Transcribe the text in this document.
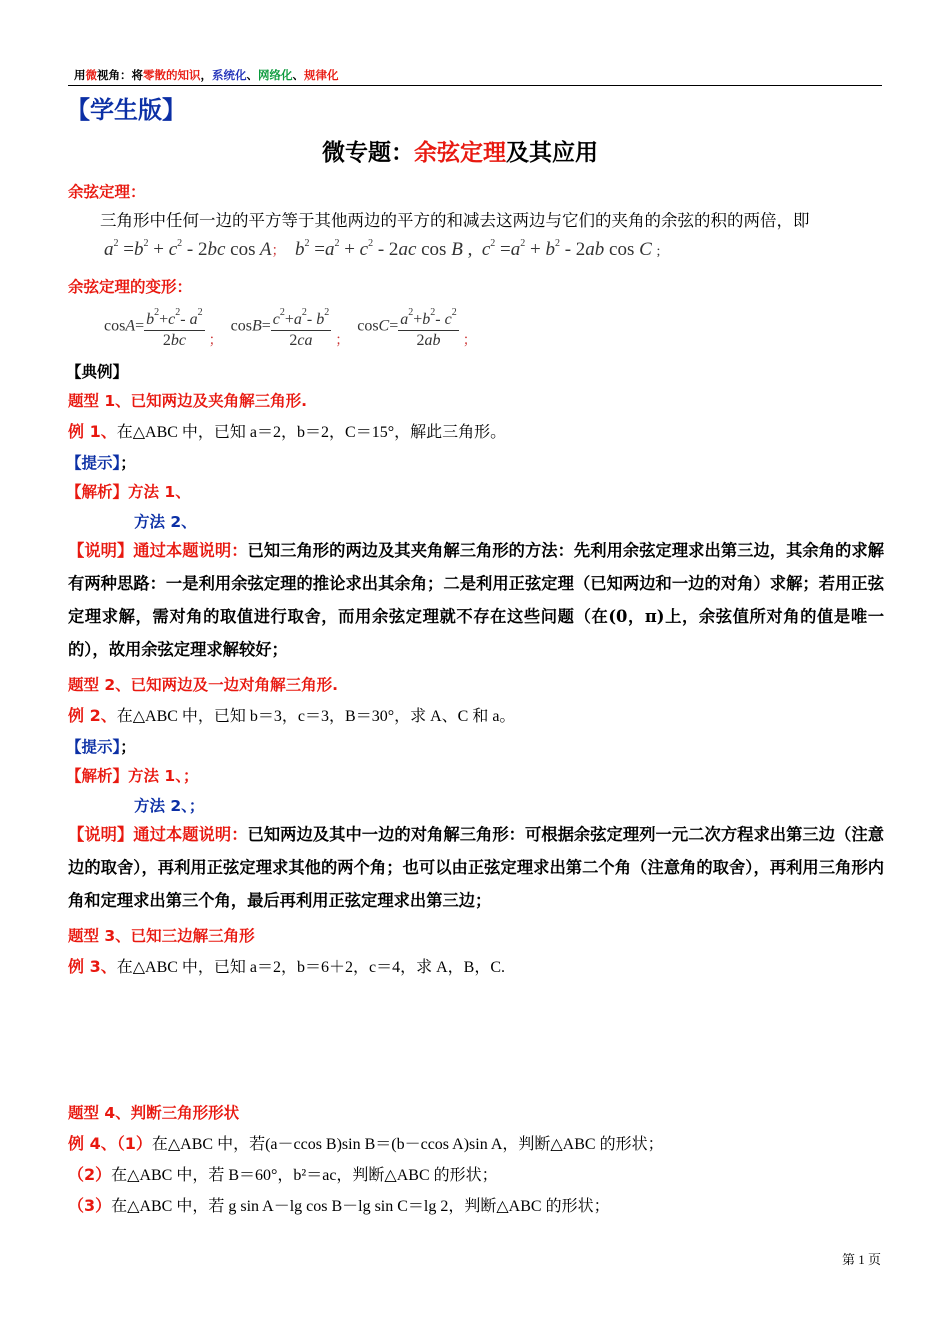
用微视角：将零散的知识，系统化、网络化、规律化
【学生版】
微专题：余弦定理及其应用
余弦定理：
三角形中任何一边的平方等于其他两边的平方的和减去这两边与它们的夹角的余弦的积的两倍，即
$a^2 =b^2 + c^2 - 2bc$ cos A； $b^2 =a^2 + c^2 - 2ac$ cos B ,  $c^2 =a^2 + b^2 - 2ab$ cos C ;
余弦定理的变形：
$\cos A= \frac{b^2+c^2- a^2}{2bc}$ ；  $\cos B= \frac{c^2+a^2- b^2}{2ca}$ ；  $\cos C= \frac{a^2+b^2- c^2}{2ab}$ ；
【典例】
题型 1、已知两边及夹角解三角形.
例 1、在△ABC 中，已知 a＝2，b＝2，C＝15°，解此三角形。
【提示】；
【解析】方法 1、
方法 2、
【说明】通过本题说明：已知三角形的两边及其夹角解三角形的方法：先利用余弦定理求出第三边，其余角的求解有两种思路：一是利用余弦定理的推论求出其余角；二是利用正弦定理（已知两边和一边的对角）求解；若用正弦定理求解，需对角的取值进行取舍，而用余弦定理就不存在这些问题（在(0，π)上，余弦值所对角的值是唯一的），故用余弦定理求解较好；
题型 2、已知两边及一边对角解三角形.
例 2、在△ABC 中，已知 b＝3，c＝3，B＝30°，求 A、C 和 a。
【提示】；
【解析】方法 1、；
方法 2、；
【说明】通过本题说明：已知两边及其中一边的对角解三角形：可根据余弦定理列一元二次方程求出第三边（注意边的取舍），再利用正弦定理求其他的两个角；也可以由正弦定理求出第二个角（注意角的取舍），再利用三角形内角和定理求出第三个角，最后再利用正弦定理求出第三边；
题型 3、已知三边解三角形
例 3、在△ABC 中，已知 a＝2，b＝6＋2，c＝4，求 A，B，C.
题型 4、判断三角形形状
例 4、（1）在△ABC 中，若(a－ccos B)sin B＝(b－ccos A)sin A，判断△ABC 的形状；
（2）在△ABC 中，若 B＝60°，b²＝ac，判断△ABC 的形状；
（3）在△ABC 中，若 g sin A－lg cos B－lg sin C＝lg 2，判断△ABC 的形状；
第 1 页
